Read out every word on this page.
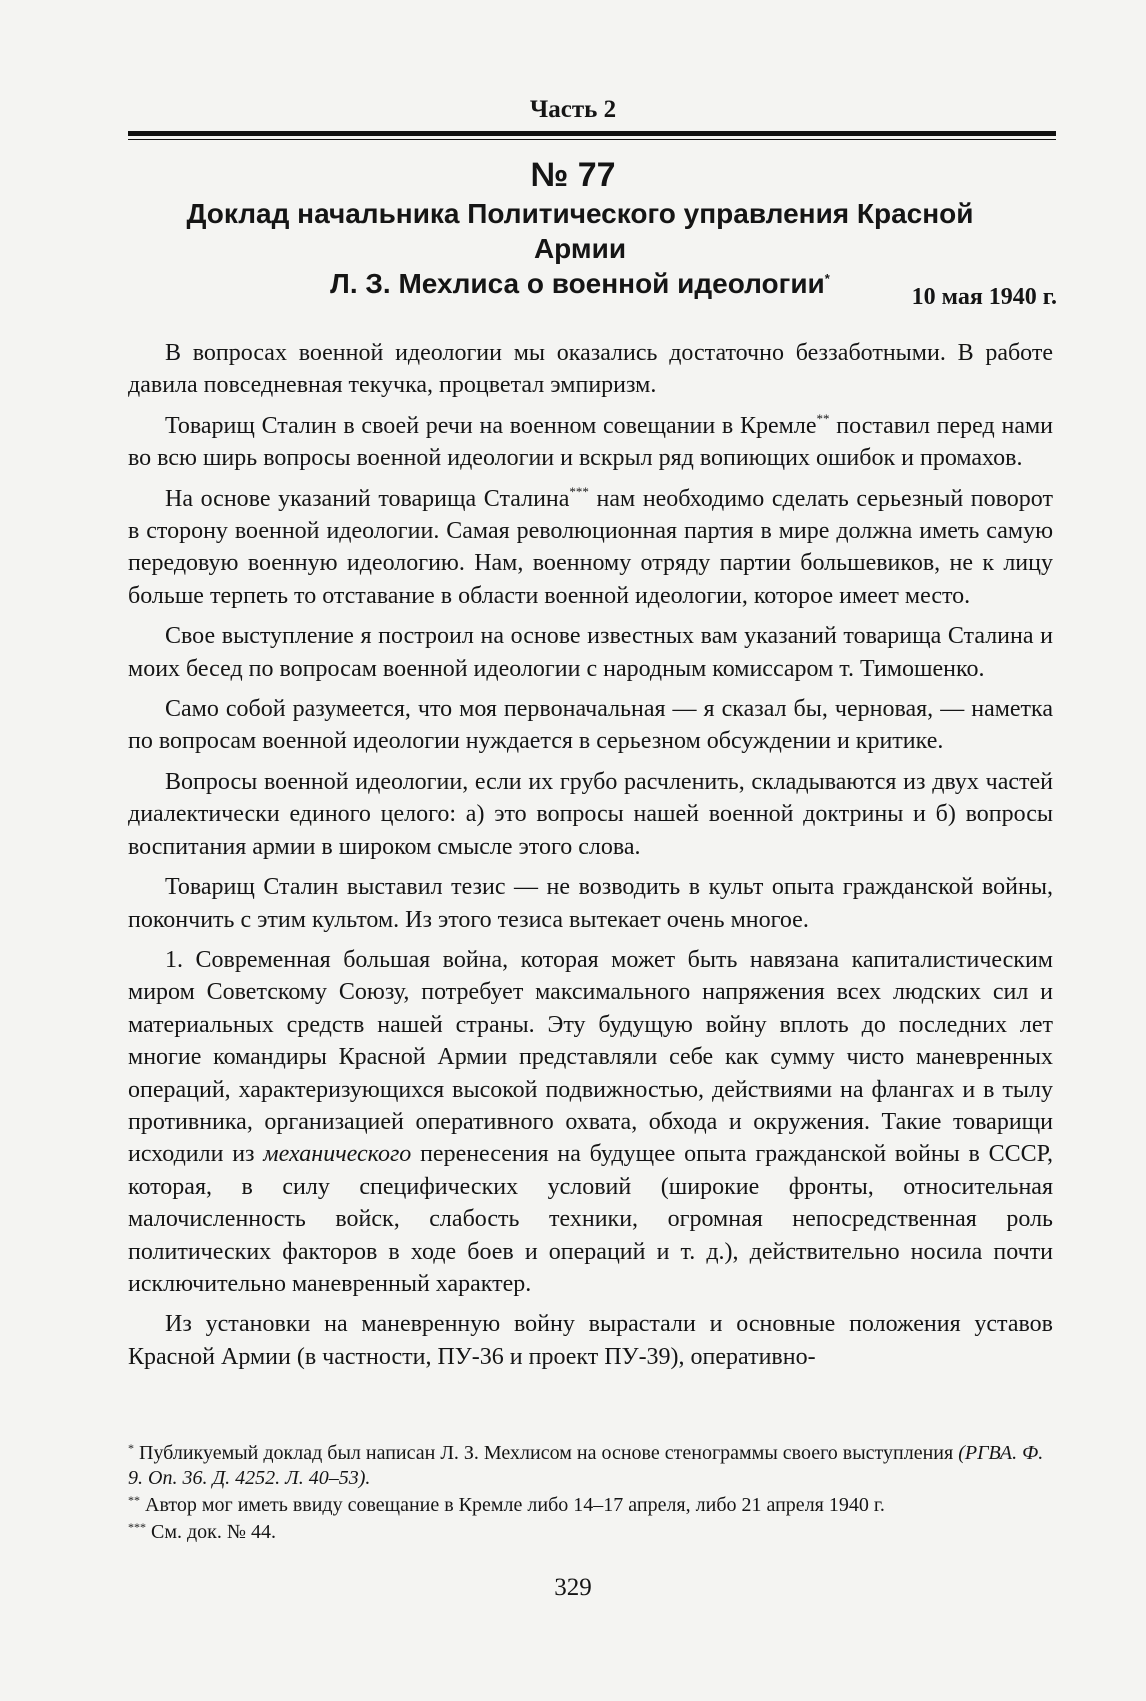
Часть 2
№ 77
Доклад начальника Политического управления Красной Армии
Л. З. Мехлиса о военной идеологии*
10 мая 1940 г.

В вопросах военной идеологии мы оказались достаточно беззаботными. В работе давила повседневная текучка, процветал эмпиризм.

Товарищ Сталин в своей речи на военном совещании в Кремле** поставил перед нами во всю ширь вопросы военной идеологии и вскрыл ряд вопиющих ошибок и промахов.

На основе указаний товарища Сталина*** нам необходимо сделать серьезный поворот в сторону военной идеологии. Самая революционная партия в мире должна иметь самую передовую военную идеологию. Нам, военному отряду партии большевиков, не к лицу больше терпеть то отставание в области военной идеологии, которое имеет место.

Свое выступление я построил на основе известных вам указаний товарища Сталина и моих бесед по вопросам военной идеологии с народным комиссаром т. Тимошенко.

Само собой разумеется, что моя первоначальная — я сказал бы, черновая, — наметка по вопросам военной идеологии нуждается в серьезном обсуждении и критике.

Вопросы военной идеологии, если их грубо расчленить, складываются из двух частей диалектически единого целого: а) это вопросы нашей военной доктрины и б) вопросы воспитания армии в широком смысле этого слова.

Товарищ Сталин выставил тезис — не возводить в культ опыта гражданской войны, покончить с этим культом. Из этого тезиса вытекает очень многое.

1. Современная большая война, которая может быть навязана капиталистическим миром Советскому Союзу, потребует максимального напряжения всех людских сил и материальных средств нашей страны. Эту будущую войну вплоть до последних лет многие командиры Красной Армии представляли себе как сумму чисто маневренных операций, характеризующихся высокой подвижностью, действиями на флангах и в тылу противника, организацией оперативного охвата, обхода и окружения. Такие товарищи исходили из механического перенесения на будущее опыта гражданской войны в СССР, которая, в силу специфических условий (широкие фронты, относительная малочисленность войск, слабость техники, огромная непосредственная роль политических факторов в ходе боев и операций и т. д.), действительно носила почти исключительно маневренный характер.

Из установки на маневренную войну вырастали и основные положения уставов Красной Армии (в частности, ПУ-36 и проект ПУ-39), оперативно-

* Публикуемый доклад был написан Л. З. Мехлисом на основе стенограммы своего выступления (РГВА. Ф. 9. Оп. 36. Д. 4252. Л. 40–53).
** Автор мог иметь ввиду совещание в Кремле либо 14–17 апреля, либо 21 апреля 1940 г.
*** См. док. № 44.
329
